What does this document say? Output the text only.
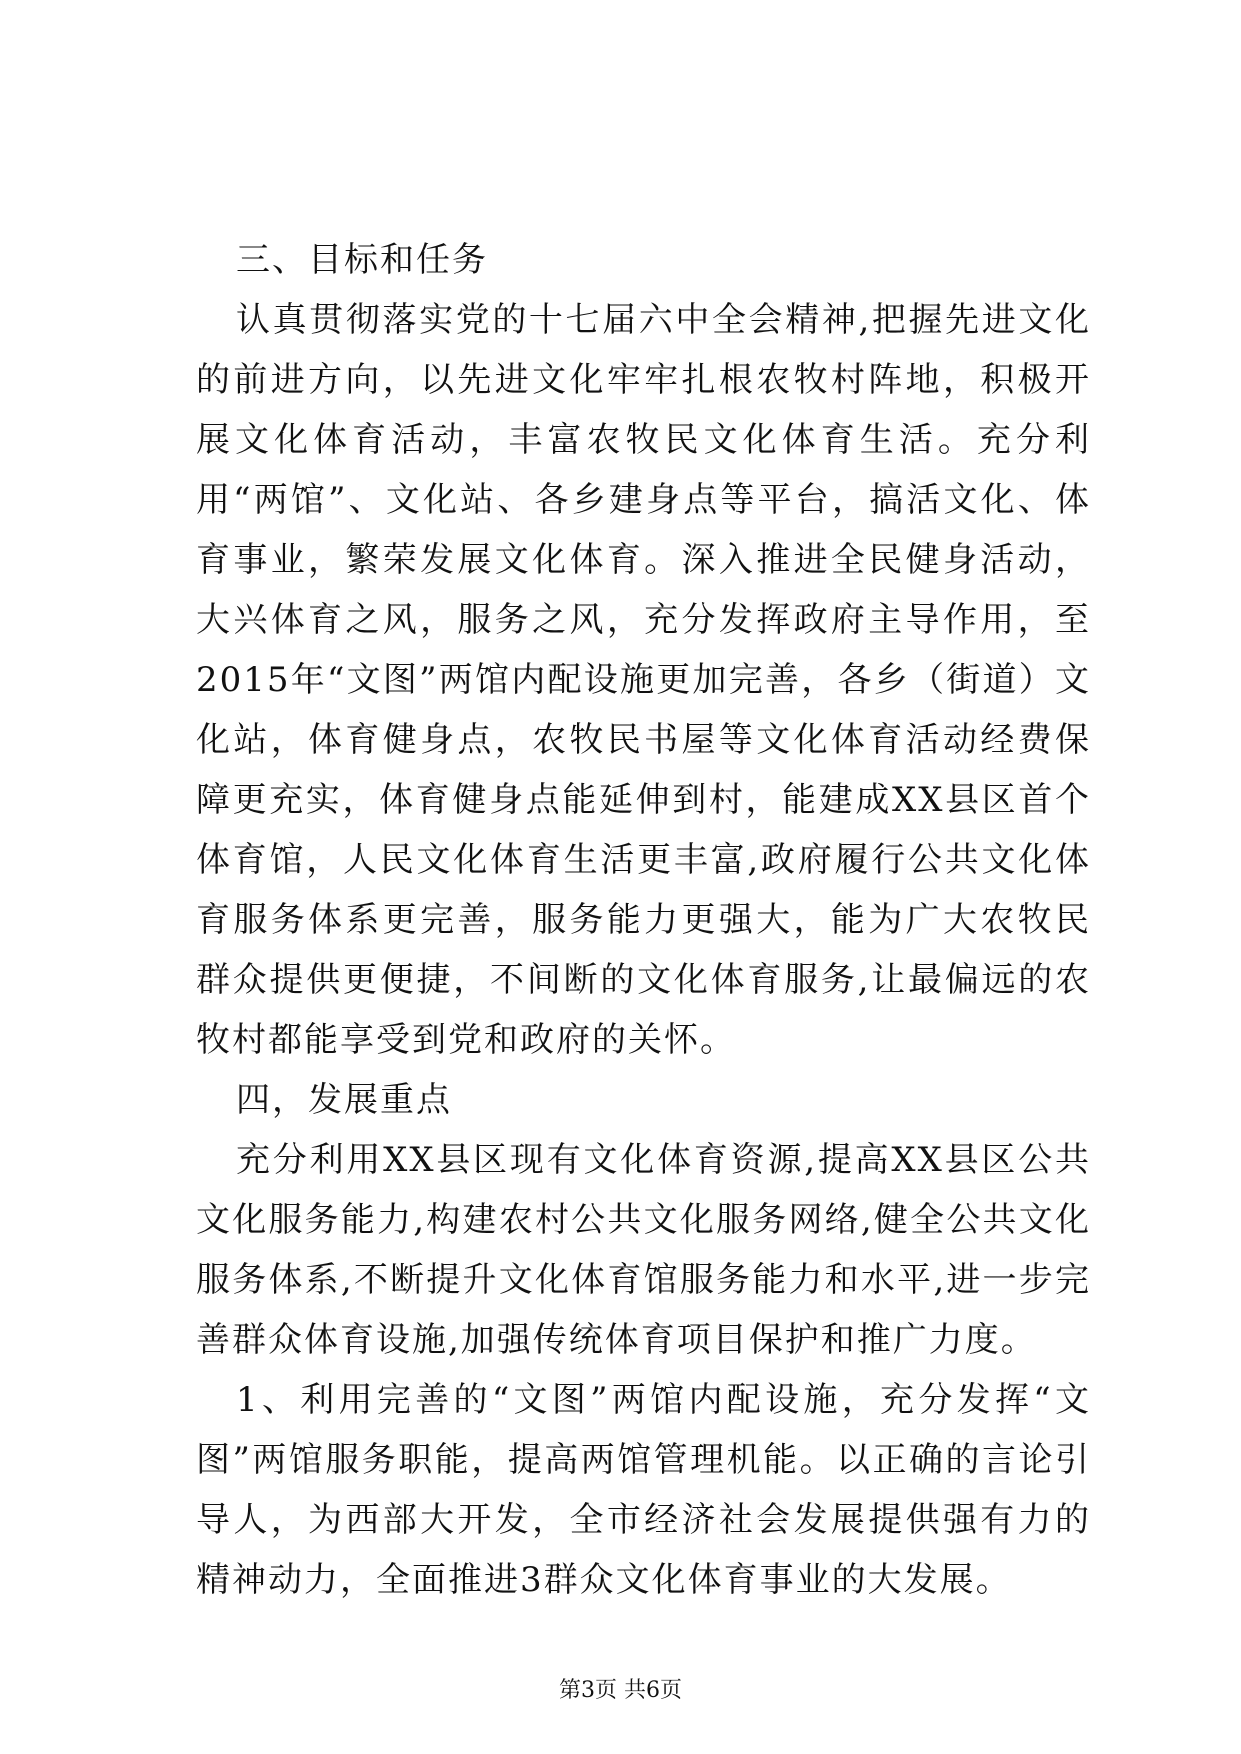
三、目标和任务

认真贯彻落实党的十七届六中全会精神,把握先进文化的前进方向，以先进文化牢牢扎根农牧村阵地，积极开展文化体育活动，丰富农牧民文化体育生活。充分利用“两馆”、文化站、各乡建身点等平台，搞活文化、体育事业，繁荣发展文化体育。深入推进全民健身活动，大兴体育之风，服务之风，充分发挥政府主导作用，至2015年“文图”两馆内配设施更加完善，各乡（街道）文化站，体育健身点，农牧民书屋等文化体育活动经费保障更充实，体育健身点能延伸到村，能建成XX县区首个体育馆，人民文化体育生活更丰富,政府履行公共文化体育服务体系更完善，服务能力更强大，能为广大农牧民群众提供更便捷，不间断的文化体育服务,让最偏远的农牧村都能享受到党和政府的关怀。

四，发展重点

充分利用XX县区现有文化体育资源,提高XX县区公共文化服务能力,构建农村公共文化服务网络,健全公共文化服务体系,不断提升文化体育馆服务能力和水平,进一步完善群众体育设施,加强传统体育项目保护和推广力度。

1、利用完善的“文图”两馆内配设施，充分发挥“文图”两馆服务职能，提高两馆管理机能。以正确的言论引导人，为西部大开发，全市经济社会发展提供强有力的精神动力，全面推进3群众文化体育事业的大发展。

第3页 共6页
